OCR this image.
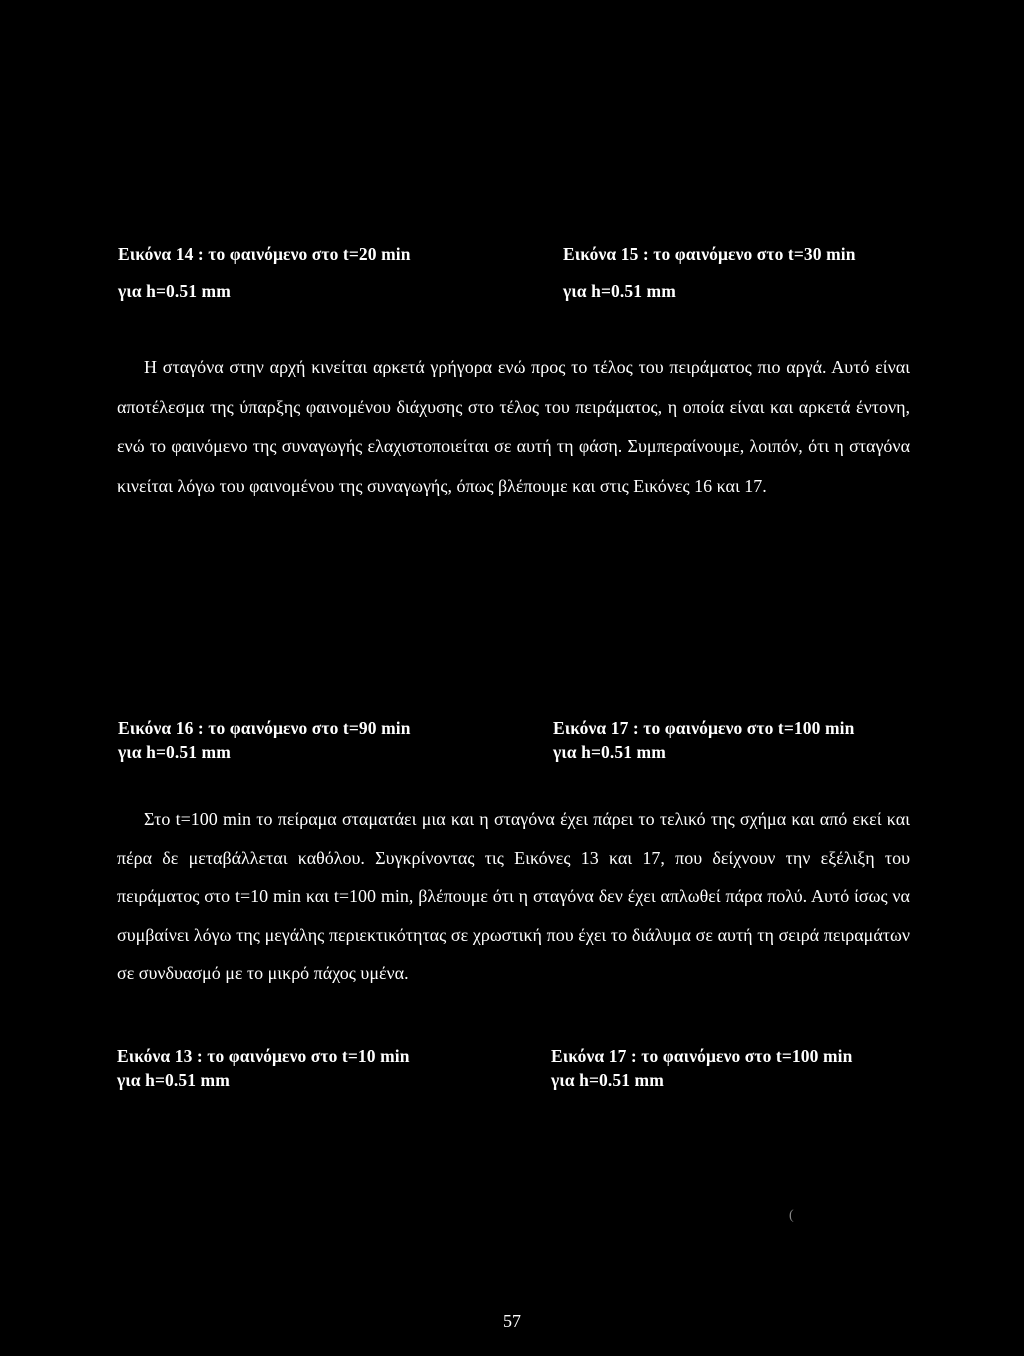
Εικόνα 14 : το φαινόμενο στο t=20 min
για h=0.51 mm
Εικόνα 15 : το φαινόμενο στο t=30 min
για h=0.51 mm

Η σταγόνα στην αρχή κινείται αρκετά γρήγορα ενώ προς το τέλος του πειράματος πιο αργά. Αυτό είναι αποτέλεσμα της ύπαρξης φαινομένου διάχυσης στο τέλος του πειράματος, η οποία είναι και αρκετά έντονη, ενώ το φαινόμενο της συναγωγής ελαχιστοποιείται σε αυτή τη φάση. Συμπεραίνουμε, λοιπόν, ότι η σταγόνα κινείται λόγω του φαινομένου της συναγωγής, όπως βλέπουμε και στις Εικόνες 16 και 17.

Εικόνα 16 : το φαινόμενο στο t=90 min
για h=0.51 mm
Εικόνα 17 : το φαινόμενο στο t=100 min
για h=0.51 mm

Στο t=100 min το πείραμα σταματάει μια και η σταγόνα έχει πάρει το τελικό της σχήμα και από εκεί και πέρα δε μεταβάλλεται καθόλου. Συγκρίνοντας τις Εικόνες 13 και 17, που δείχνουν την εξέλιξη του πειράματος στο t=10 min και t=100 min, βλέπουμε ότι η σταγόνα δεν έχει απλωθεί πάρα πολύ. Αυτό ίσως να συμβαίνει λόγω της μεγάλης περιεκτικότητας σε χρωστική που έχει το διάλυμα σε αυτή τη σειρά πειραμάτων σε συνδυασμό με το μικρό πάχος υμένα.

Εικόνα 13 : το φαινόμενο στο t=10 min
για h=0.51 mm
Εικόνα 17 : το φαινόμενο στο t=100 min
για h=0.51 mm
(
57
